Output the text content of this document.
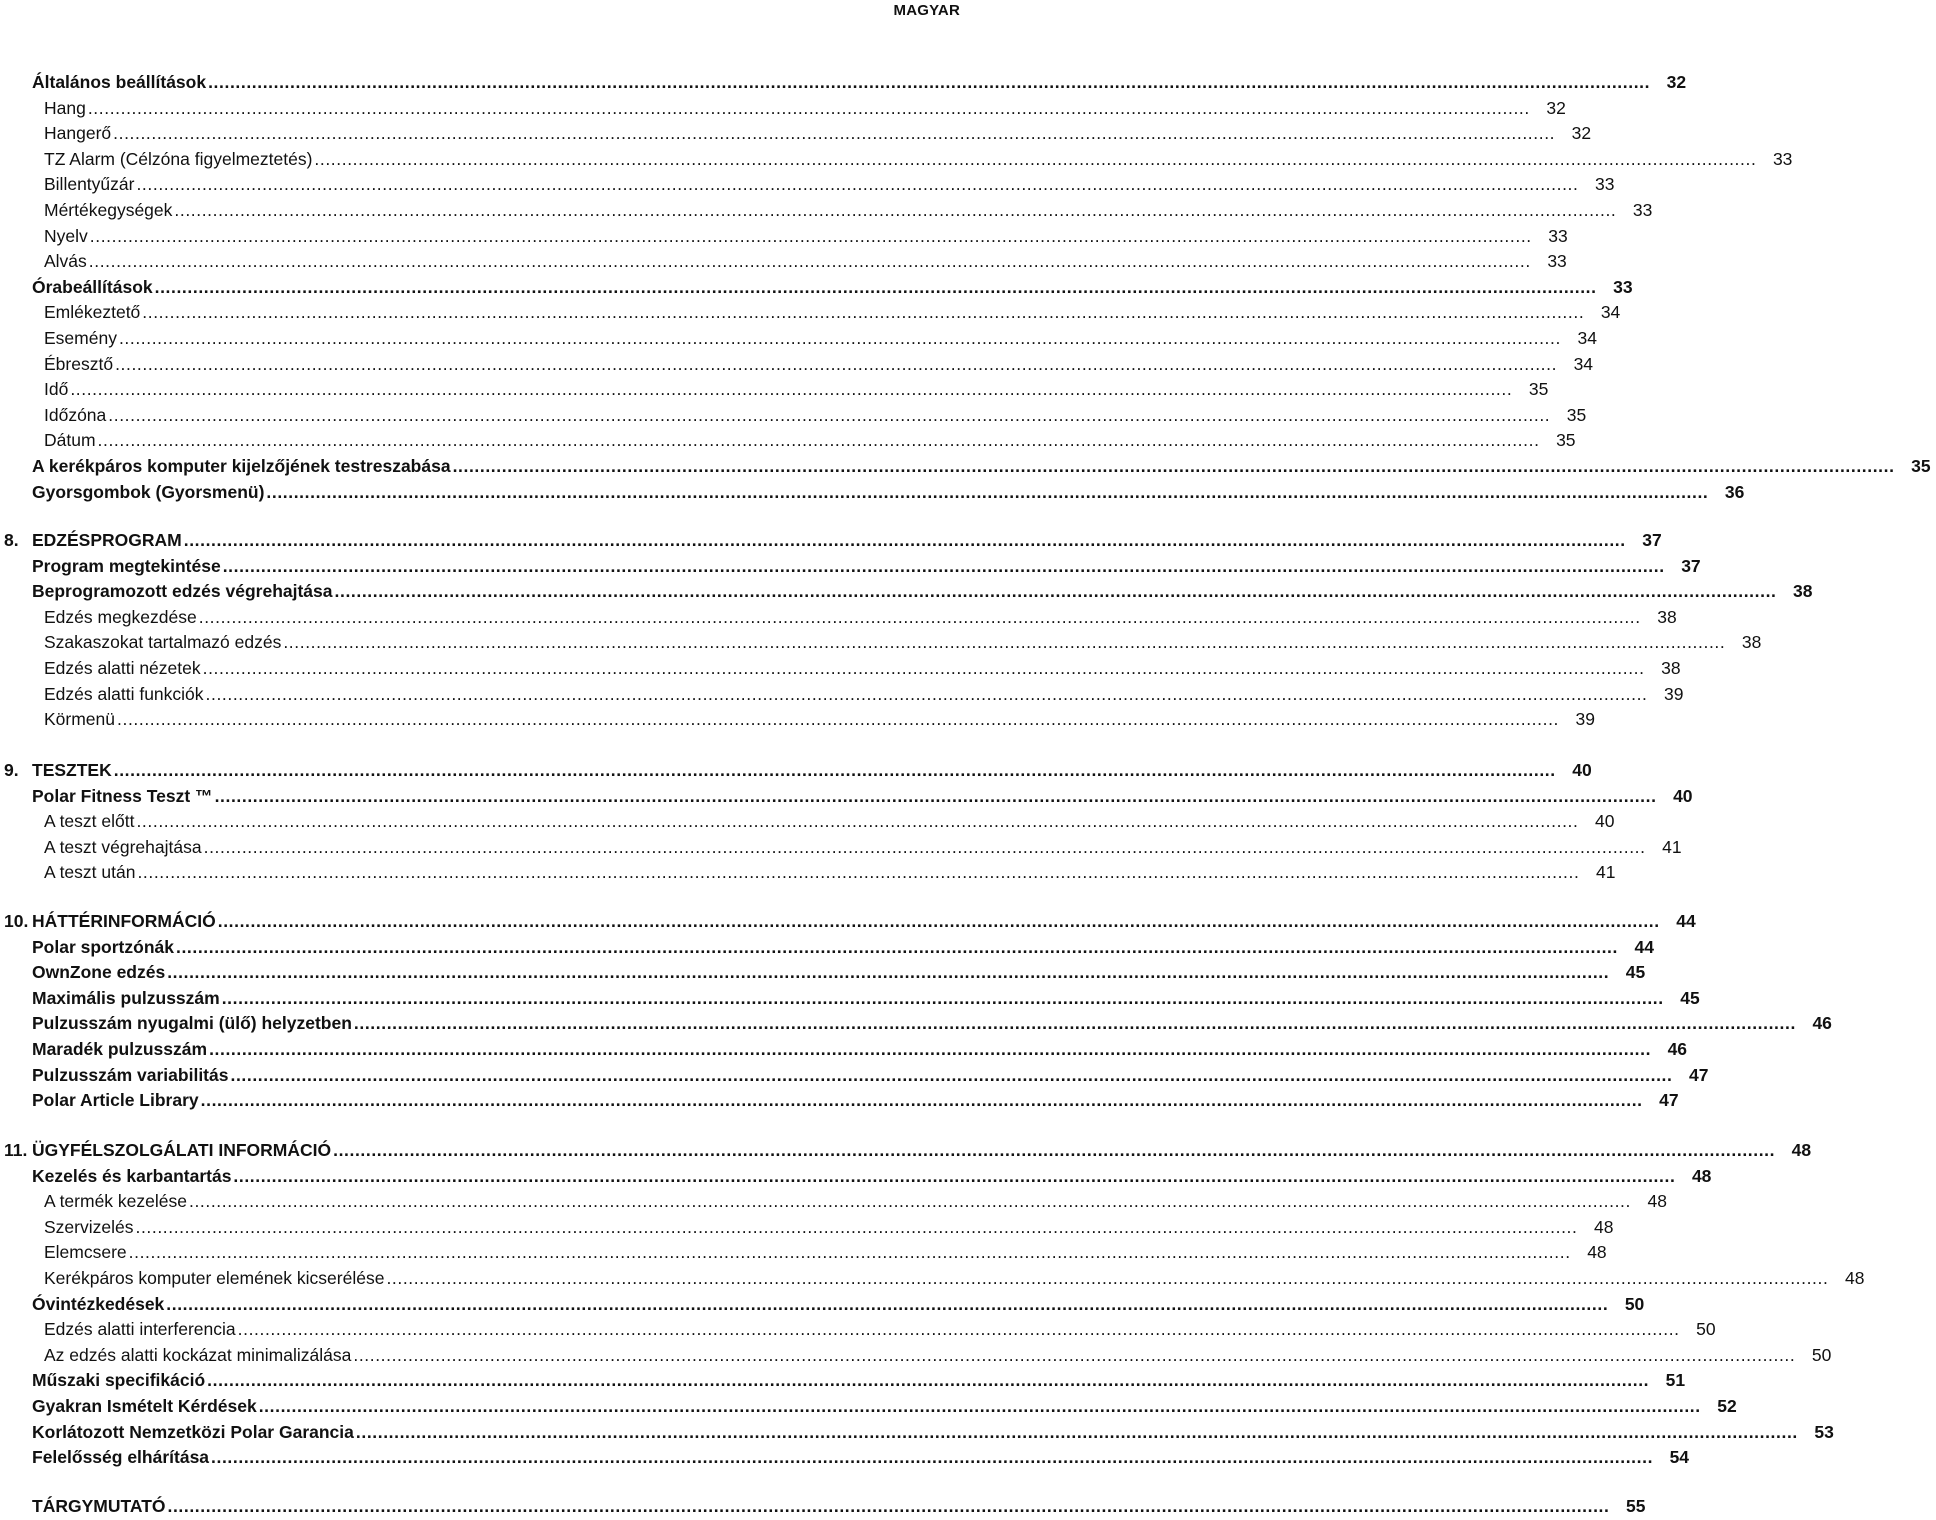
MAGYAR
Általános beállítások .....	32
Hang .....	32
Hangerő .....	32
TZ Alarm (Célzóna figyelmeztetés) .....	33
Billentyűzár .....	33
Mértékegységek .....	33
Nyelv .....	33
Alvás .....	33
Órabeállítások .....	33
Emlékeztető .....	34
Esemény .....	34
Ébresztő .....	34
Idő .....	35
Időzóna .....	35
Dátum .....	35
A kerékpáros komputer kijelzőjének testreszabása .....	35
Gyorsgombok (Gyorsmenü) .....	36
8. EDZÉSPROGRAM .....	37
Program megtekintése .....	37
Beprogramozott edzés végrehajtása .....	38
Edzés megkezdése .....	38
Szakaszokat tartalmazó edzés .....	38
Edzés alatti nézetek .....	38
Edzés alatti funkciók .....	39
Körmenü .....	39
9. TESZTEK .....	40
Polar Fitness Teszt ™ .....	40
A teszt előtt .....	40
A teszt végrehajtása .....	41
A teszt után .....	41
10. HÁTTÉRINFORMÁCIÓ .....	44
Polar sportzónák .....	44
OwnZone edzés .....	45
Maximális pulzusszám .....	45
Pulzusszám nyugalmi (ülő) helyzetben .....	46
Maradék pulzusszám .....	46
Pulzusszám variabilitás .....	47
Polar Article Library .....	47
11. ÜGYFÉLSZOLGÁLATI INFORMÁCIÓ .....	48
Kezelés és karbantartás .....	48
A termék kezelése .....	48
Szervizelés .....	48
Elemcsere .....	48
Kerékpáros komputer elemének kicserélése .....	48
Óvintézkedések .....	50
Edzés alatti interferencia .....	50
Az edzés alatti kockázat minimalizálása .....	50
Műszaki specifikáció .....	51
Gyakran Ismételt Kérdések .....	52
Korlátozott Nemzetközi Polar Garancia .....	53
Felelősség elhárítása .....	54
TÁRGYMUTATÓ .....	55
